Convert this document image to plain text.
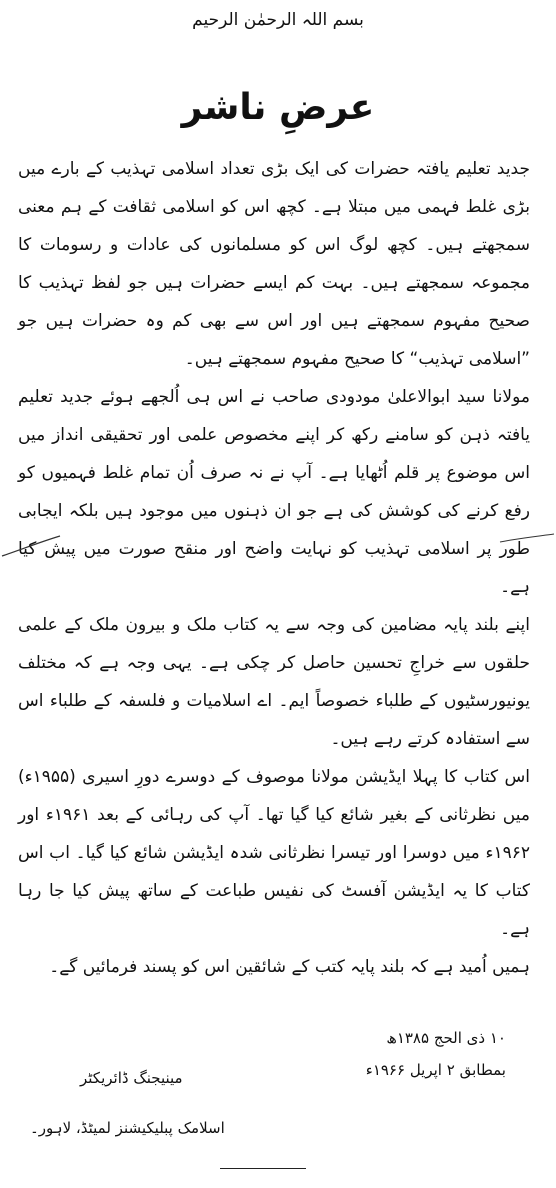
بسم اللہ الرحمٰن الرحیم
عرضِ ناشر

جدید تعلیم یافتہ حضرات کی ایک بڑی تعداد اسلامی تہذیب کے بارے میں بڑی غلط فہمی میں مبتلا ہے۔ کچھ اس کو اسلامی ثقافت کے ہم معنی سمجھتے ہیں۔ کچھ لوگ اس کو مسلمانوں کی عادات و رسومات کا مجموعہ سمجھتے ہیں۔ بہت کم ایسے حضرات ہیں جو لفظ تہذیب کا صحیح مفہوم سمجھتے ہیں اور اس سے بھی کم وہ حضرات ہیں جو ”اسلامی تہذیب“ کا صحیح مفہوم سمجھتے ہیں۔

مولانا سید ابوالاعلیٰ مودودی صاحب نے اس ہی اُلجھے ہوئے جدید تعلیم یافتہ ذہن کو سامنے رکھ کر اپنے مخصوص علمی اور تحقیقی انداز میں اس موضوع پر قلم اُٹھایا ہے۔ آپ نے نہ صرف اُن تمام غلط فہمیوں کو رفع کرنے کی کوشش کی ہے جو ان ذہنوں میں موجود ہیں بلکہ ایجابی طور پر اسلامی تہذیب کو نہایت واضح اور منقح صورت میں پیش کیا ہے۔

اپنے بلند پایہ مضامین کی وجہ سے یہ کتاب ملک و بیرون ملک کے علمی حلقوں سے خراجِ تحسین حاصل کر چکی ہے۔ یہی وجہ ہے کہ مختلف یونیورسٹیوں کے طلباء خصوصاً ایم۔ اے اسلامیات و فلسفہ کے طلباء اس سے استفادہ کرتے رہے ہیں۔

اس کتاب کا پہلا ایڈیشن مولانا موصوف کے دوسرے دورِ اسیری (۱۹۵۵ء) میں نظرثانی کے بغیر شائع کیا گیا تھا۔ آپ کی رہائی کے بعد ۱۹۶۱ء اور ۱۹۶۲ء میں دوسرا اور تیسرا نظرثانی شدہ ایڈیشن شائع کیا گیا۔ اب اس کتاب کا یہ ایڈیشن آفسٹ کی نفیس طباعت کے ساتھ پیش کیا جا رہا ہے۔

ہمیں اُمید ہے کہ بلند پایہ کتب کے شائقین اس کو پسند فرمائیں گے۔

۱۰ ذی الحج ۱۳۸۵ھ
بمطابق ۲ اپریل ۱۹۶۶ء
مینیجنگ ڈائریکٹر
اسلامک پبلیکیشنز لمیٹڈ، لاہور۔
